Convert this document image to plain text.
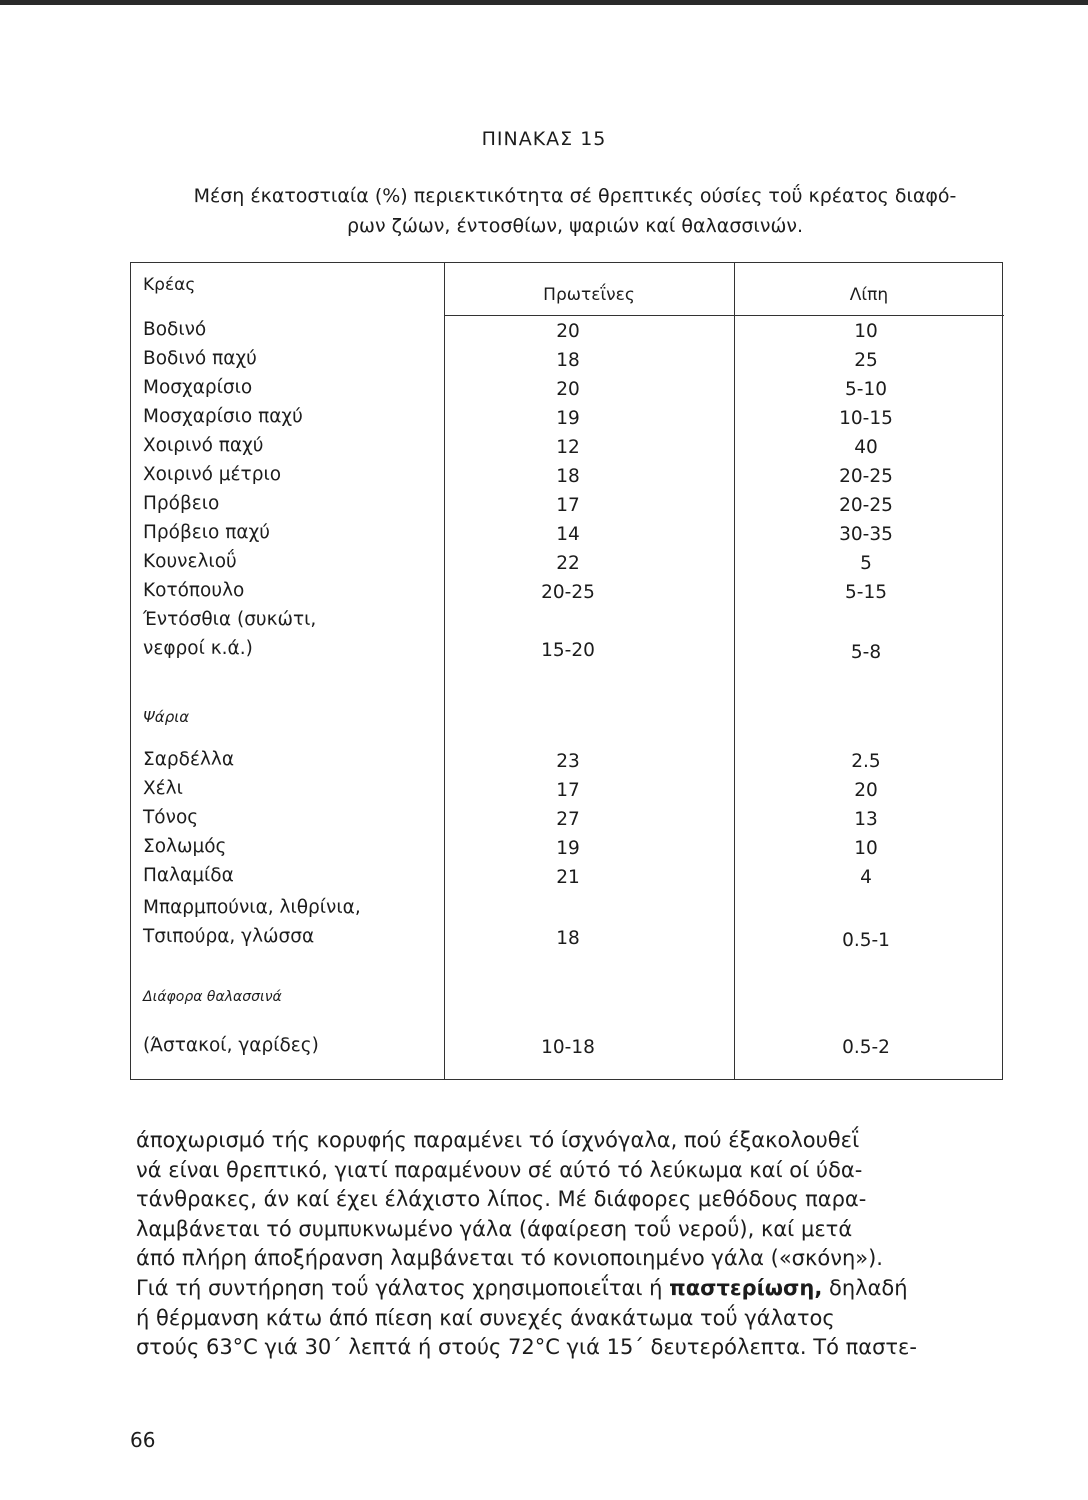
ΠΙΝΑΚΑΣ 15
Μέση έκατοστιαία (%) περιεκτικότητα σέ θρεπτικές ούσίες τοΰ κρέατος διαφό-
ρων ζώων, έντοσθίων, ψαριών καί θαλασσινών.
Κρέας	Πρωτεΐνες	Λίπη
Βοδινό	20	10
Βοδινό παχύ	18	25
Μοσχαρίσιο	20	5-10
Μοσχαρίσιο παχύ	19	10-15
Χοιρινό παχύ	12	40
Χοιρινό μέτριο	18	20-25
Πρόβειο	17	20-25
Πρόβειο παχύ	14	30-35
Κουνελιοΰ	22	5
Κοτόπουλο	20-25	5-15
Έντόσθια (συκώτι,
νεφροί κ.ά.)	15-20	5-8
Ψάρια
Σαρδέλλα	23	2.5
Χέλι	17	20
Τόνος	27	13
Σολωμός	19	10
Παλαμίδα	21	4
Μπαρμπούνια, λιθρίνια,
Τσιπούρα, γλώσσα	18	0.5-1
Διάφορα θαλασσινά
(Άστακοί, γαρίδες)	10-18	0.5-2
άποχωρισμό τής κορυφής παραμένει τό ίσχνόγαλα, πού έξακολουθεΐ
νά είναι θρεπτικό, γιατί παραμένουν σέ αύτό τό λεύκωμα καί οί ύδα-
τάνθρακες, άν καί έχει έλάχιστο λίπος. Μέ διάφορες μεθόδους παρα-
λαμβάνεται τό συμπυκνωμένο γάλα (άφαίρεση τοΰ νεροΰ), καί μετά
άπό πλήρη άποξήρανση λαμβάνεται τό κονιοποιημένο γάλα («σκόνη»).
Γιά τή συντήρηση τοΰ γάλατος χρησιμοποιεΐται ή παστερίωση, δηλαδή
ή θέρμανση κάτω άπό πίεση καί συνεχές άνακάτωμα τοΰ γάλατος
στούς 63°C γιά 30΄ λεπτά ή στούς 72°C γιά 15΄ δευτερόλεπτα. Τό παστε-
66
